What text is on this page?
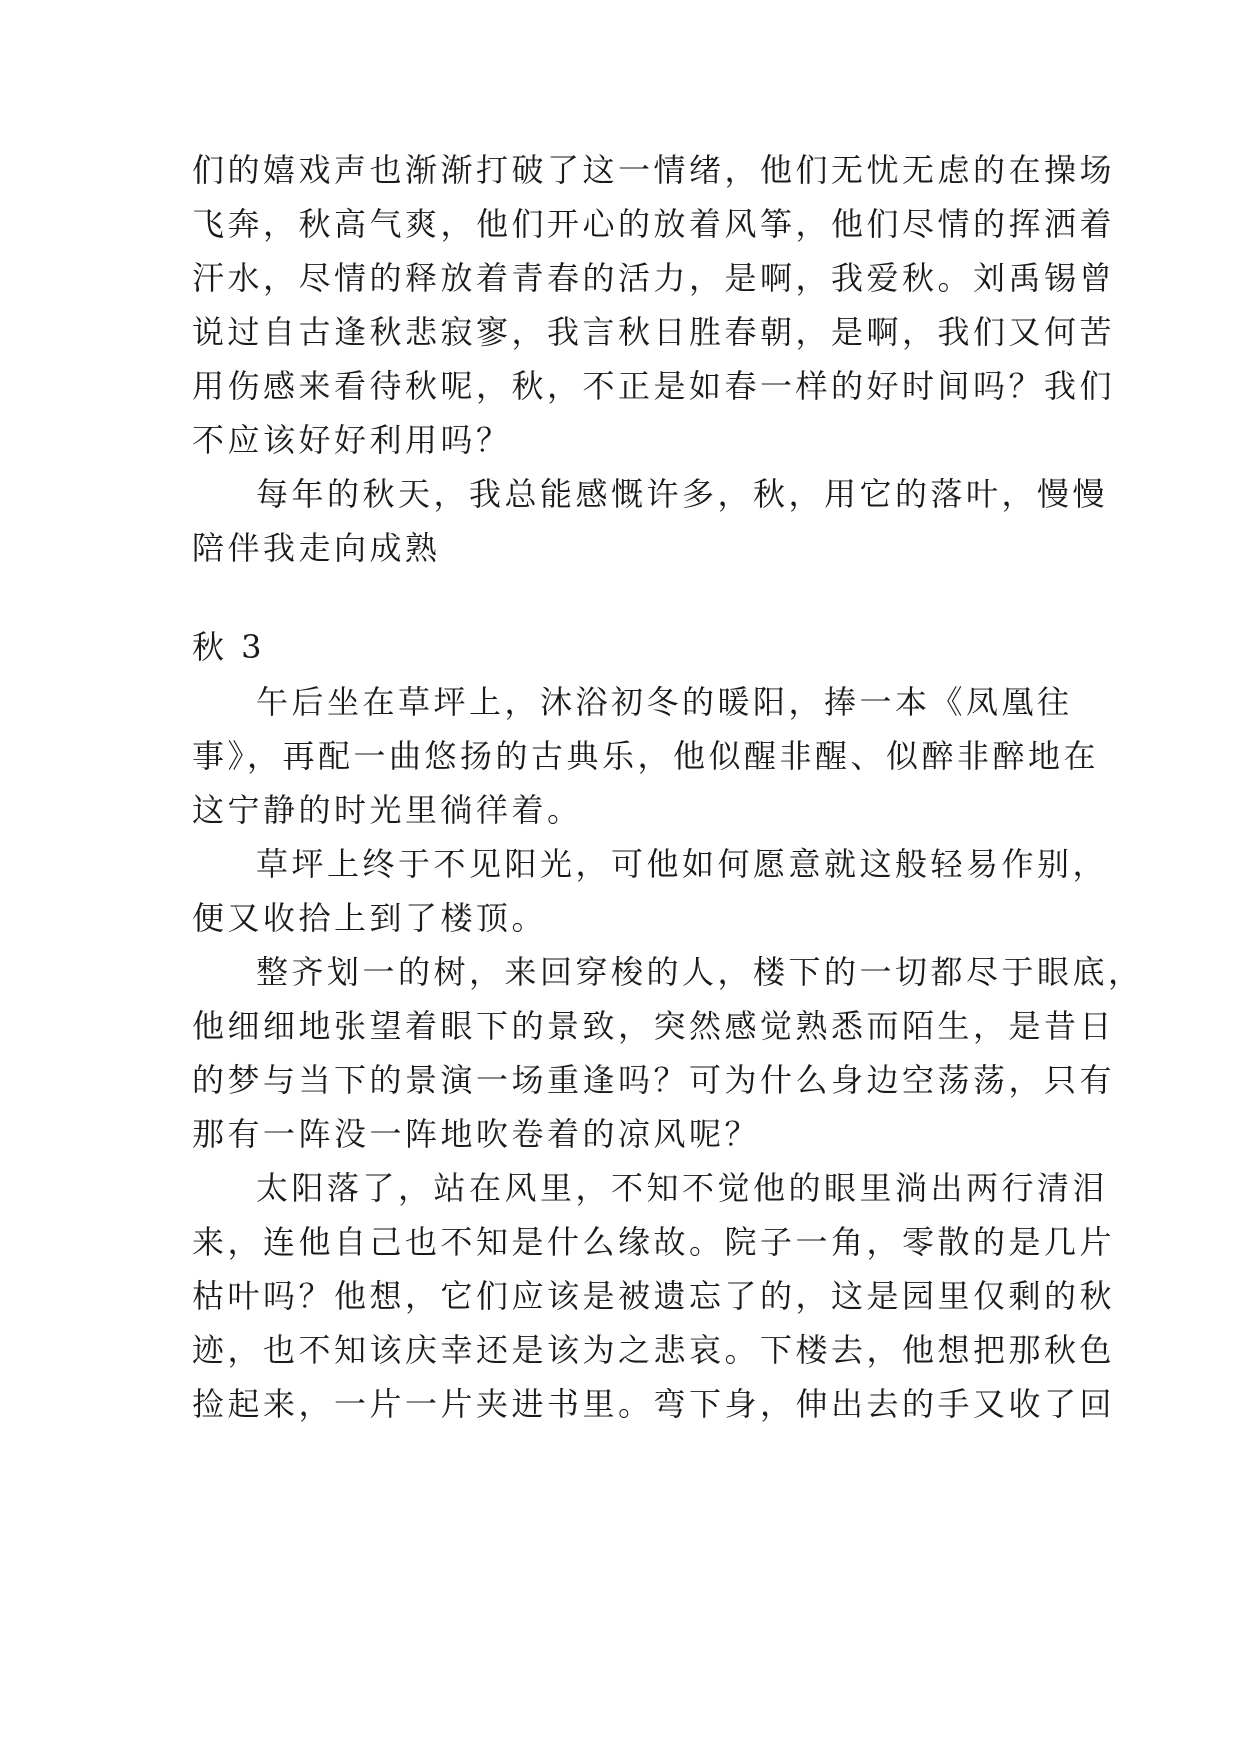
们的嬉戏声也渐渐打破了这一情绪，他们无忧无虑的在操场
飞奔，秋高气爽，他们开心的放着风筝，他们尽情的挥洒着
汗水，尽情的释放着青春的活力，是啊，我爱秋。刘禹锡曾
说过自古逢秋悲寂寥，我言秋日胜春朝，是啊，我们又何苦
用伤感来看待秋呢，秋，不正是如春一样的好时间吗？我们
不应该好好利用吗？
每年的秋天，我总能感慨许多，秋，用它的落叶，慢慢
陪伴我走向成熟
秋 3
午后坐在草坪上，沐浴初冬的暖阳，捧一本《凤凰往
事》，再配一曲悠扬的古典乐，他似醒非醒、似醉非醉地在
这宁静的时光里徜徉着。
草坪上终于不见阳光，可他如何愿意就这般轻易作别，
便又收拾上到了楼顶。
整齐划一的树，来回穿梭的人，楼下的一切都尽于眼底，
他细细地张望着眼下的景致，突然感觉熟悉而陌生，是昔日
的梦与当下的景演一场重逢吗？可为什么身边空荡荡，只有
那有一阵没一阵地吹卷着的凉风呢？
太阳落了，站在风里，不知不觉他的眼里淌出两行清泪
来，连他自己也不知是什么缘故。院子一角，零散的是几片
枯叶吗？他想，它们应该是被遗忘了的，这是园里仅剩的秋
迹，也不知该庆幸还是该为之悲哀。下楼去，他想把那秋色
捡起来，一片一片夹进书里。弯下身，伸出去的手又收了回
